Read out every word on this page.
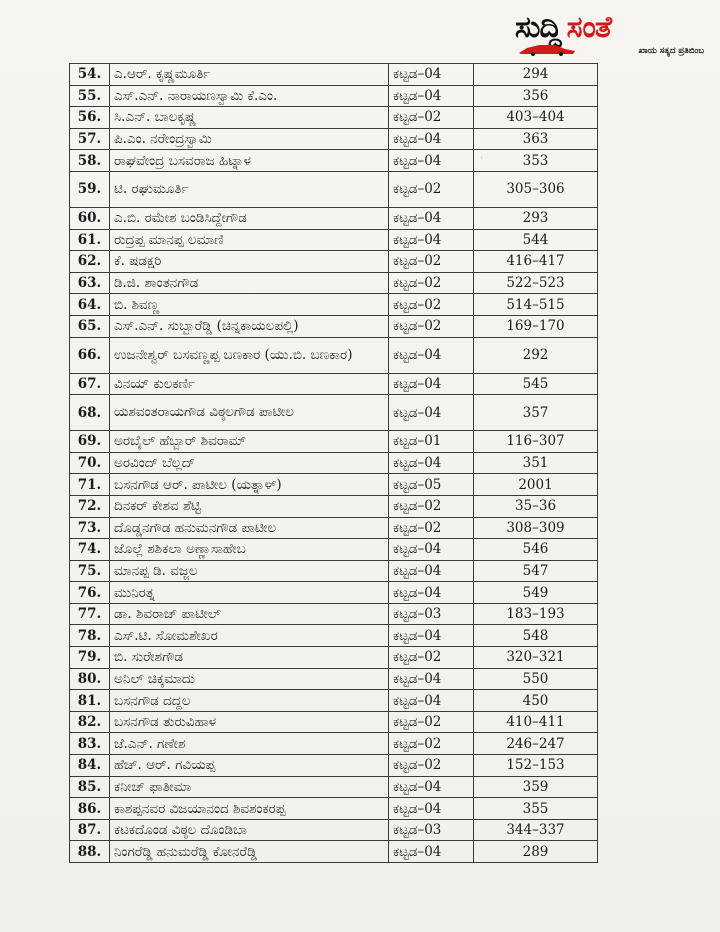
ಸುದ್ದಿ ಸಂತೆ
ಖಾಯ ಸತ್ಯದ ಪ್ರತಿಬಿಂಬ
54.	ಎ.ಆರ್. ಕೃಷ್ಣಮೂರ್ತಿ	ಕಟ್ಟಡ–04	294
55.	ಎಸ್.ಎನ್. ನಾರಾಯಣಸ್ವಾಮಿ ಕೆ.ಎಂ.	ಕಟ್ಟಡ–04	356
56.	ಸಿ.ಎನ್. ಬಾಲಕೃಷ್ಣ	ಕಟ್ಟಡ–02	403–404
57.	ಪಿ.ಎಂ. ನರೇಂದ್ರಸ್ವಾಮಿ	ಕಟ್ಟಡ–04	363
58.	ರಾಘವೇಂದ್ರ ಬಸವರಾಜ ಹಿಟ್ನಾಳ	ಕಟ್ಟಡ–04	353
59.	ಟಿ. ರಘುಮೂರ್ತಿ	ಕಟ್ಟಡ–02	305–306
60.	ಎ.ಬಿ. ರಮೇಶ ಬಂಡಿಸಿದ್ದೇಗೌಡ	ಕಟ್ಟಡ–04	293
61.	ರುದ್ರಪ್ಪ ಮಾನಪ್ಪ ಲಮಾಣಿ	ಕಟ್ಟಡ–04	544
62.	ಕೆ. ಷಡಕ್ಷರಿ	ಕಟ್ಟಡ–02	416–417
63.	ಡಿ.ಜಿ. ಶಾಂತನಗೌಡ	ಕಟ್ಟಡ–02	522–523
64.	ಬಿ. ಶಿವಣ್ಣ	ಕಟ್ಟಡ–02	514–515
65.	ಎಸ್.ಎನ್. ಸುಬ್ಬಾರೆಡ್ಡಿ (ಚಿನ್ನಕಾಯಲಪಲ್ಲಿ)	ಕಟ್ಟಡ–02	169–170
66.	ಉಜನೇಶ್ವರ್ ಬಸವಣ್ಣಪ್ಪ ಬಣಕಾರ (ಯು.ಬಿ. ಬಣಕಾರ)	ಕಟ್ಟಡ–04	292
67.	ವಿನಯ್ ಕುಲಕರ್ಣಿ	ಕಟ್ಟಡ–04	545
68.	ಯಶವಂತರಾಯಗೌಡ ವಿಠ್ಠಲಗೌಡ ಪಾಟೀಲ	ಕಟ್ಟಡ–04	357
69.	ಅರಬೈಲ್ ಹೆಬ್ಬಾರ್ ಶಿವರಾಮ್	ಕಟ್ಟಡ–01	116–307
70.	ಅರವಿಂದ್ ಬೆಲ್ಲದ್	ಕಟ್ಟಡ–04	351
71.	ಬಸನಗೌಡ ಆರ್. ಪಾಟೀಲ (ಯತ್ನಾಳ್)	ಕಟ್ಟಡ–05	2001
72.	ದಿನಕರ್ ಕೇಶವ ಶೆಟ್ಟಿ	ಕಟ್ಟಡ–02	35–36
73.	ದೊಡ್ಡನಗೌಡ ಹನುಮನಗೌಡ ಪಾಟೀಲ	ಕಟ್ಟಡ–02	308–309
74.	ಜೊಲ್ಲೆ ಶಶಿಕಲಾ ಅಣ್ಣಾಸಾಹೇಬ	ಕಟ್ಟಡ–04	546
75.	ಮಾನಪ್ಪ ಡಿ. ವಜ್ಜಲ	ಕಟ್ಟಡ–04	547
76.	ಮುನಿರತ್ನ	ಕಟ್ಟಡ–04	549
77.	ಡಾ. ಶಿವರಾಜ್ ಪಾಟೀಲ್	ಕಟ್ಟಡ–03	183–193
78.	ಎಸ್.ಟಿ. ಸೋಮಶೇಖರ	ಕಟ್ಟಡ–04	548
79.	ಬಿ. ಸುರೇಶಗೌಡ	ಕಟ್ಟಡ–02	320–321
80.	ಅನಿಲ್ ಚಿಕ್ಕಮಾದು	ಕಟ್ಟಡ–04	550
81.	ಬಸನಗೌಡ ದದ್ದಲ	ಕಟ್ಟಡ–04	450
82.	ಬಸನಗೌಡ ತುರುವಿಹಾಳ	ಕಟ್ಟಡ–02	410–411
83.	ಜೆ.ಎನ್. ಗಣೇಶ	ಕಟ್ಟಡ–02	246–247
84.	ಹೆಚ್. ಆರ್. ಗವಿಯಪ್ಪ	ಕಟ್ಟಡ–02	152–153
85.	ಕನೀಜ್ ಫಾತೀಮಾ	ಕಟ್ಟಡ–04	359
86.	ಕಾಶಪ್ಪನವರ ವಿಜಯಾನಂದ ಶಿವಶಂಕರಪ್ಪ	ಕಟ್ಟಡ–04	355
87.	ಕಟಕದೊಂಡ ವಿಠ್ಠಲ ದೊಂಡಿಬಾ	ಕಟ್ಟಡ–03	344–337
88.	ನಿಂಗರೆಡ್ಡಿ ಹನುಮರೆಡ್ಡಿ ಕೋನರೆಡ್ಡಿ	ಕಟ್ಟಡ–04	289
·
